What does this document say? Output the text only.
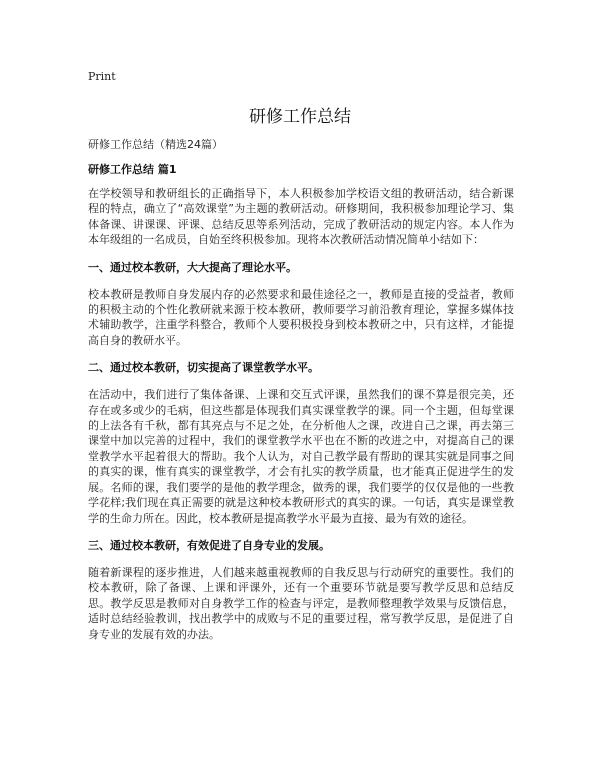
Print
研修工作总结
研修工作总结（精选24篇）
研修工作总结 篇1

在学校领导和教研组长的正确指导下，本人积极参加学校语文组的教研活动，结合新课程的特点，确立了“高效课堂”为主题的教研活动。研修期间，我积极参加理论学习、集体备课、讲课课、评课、总结反思等系列活动，完成了教研活动的规定内容。本人作为本年级组的一名成员，自始至终积极参加。现将本次教研活动情况简单小结如下：

一、通过校本教研，大大提高了理论水平。

校本教研是教师自身发展内存的必然要求和最佳途径之一，教师是直接的受益者，教师的积极主动的个性化教研就来源于校本教研，教师要学习前沿教育理论，掌握多媒体技术辅助教学，注重学科整合，教师个人要积极投身到校本教研之中，只有这样，才能提高自身的教研水平。

二、通过校本教研，切实提高了课堂教学水平。

在活动中，我们进行了集体备课、上课和交互式评课，虽然我们的课不算是很完美，还存在或多或少的毛病，但这些都是体现我们真实课堂教学的课。同一个主题，但每堂课的上法各有千秋，都有其亮点与不足之处，在分析他人之课，改进自己之课，再去第三课堂中加以完善的过程中，我们的课堂教学水平也在不断的改进之中，对提高自己的课堂教学水平起着很大的帮助。我个人认为，对自己教学最有帮助的课其实就是同事之间的真实的课，惟有真实的课堂教学，才会有扎实的教学质量，也才能真正促进学生的发展。名师的课，我们要学的是他的教学理念，做秀的课，我们要学的仅仅是他的一些教学花样;我们现在真正需要的就是这种校本教研形式的真实的课。一句话，真实是课堂教学的生命力所在。因此，校本教研是提高教学水平最为直接、最为有效的途径。

三、通过校本教研，有效促进了自身专业的发展。

随着新课程的逐步推进，人们越来越重视教师的自我反思与行动研究的重要性。我们的校本教研，除了备课、上课和评课外，还有一个重要环节就是要写教学反思和总结反思。教学反思是教师对自身教学工作的检查与评定，是教师整理教学效果与反馈信息，适时总结经验教训，找出教学中的成败与不足的重要过程，常写教学反思，是促进了自身专业的发展有效的办法。
